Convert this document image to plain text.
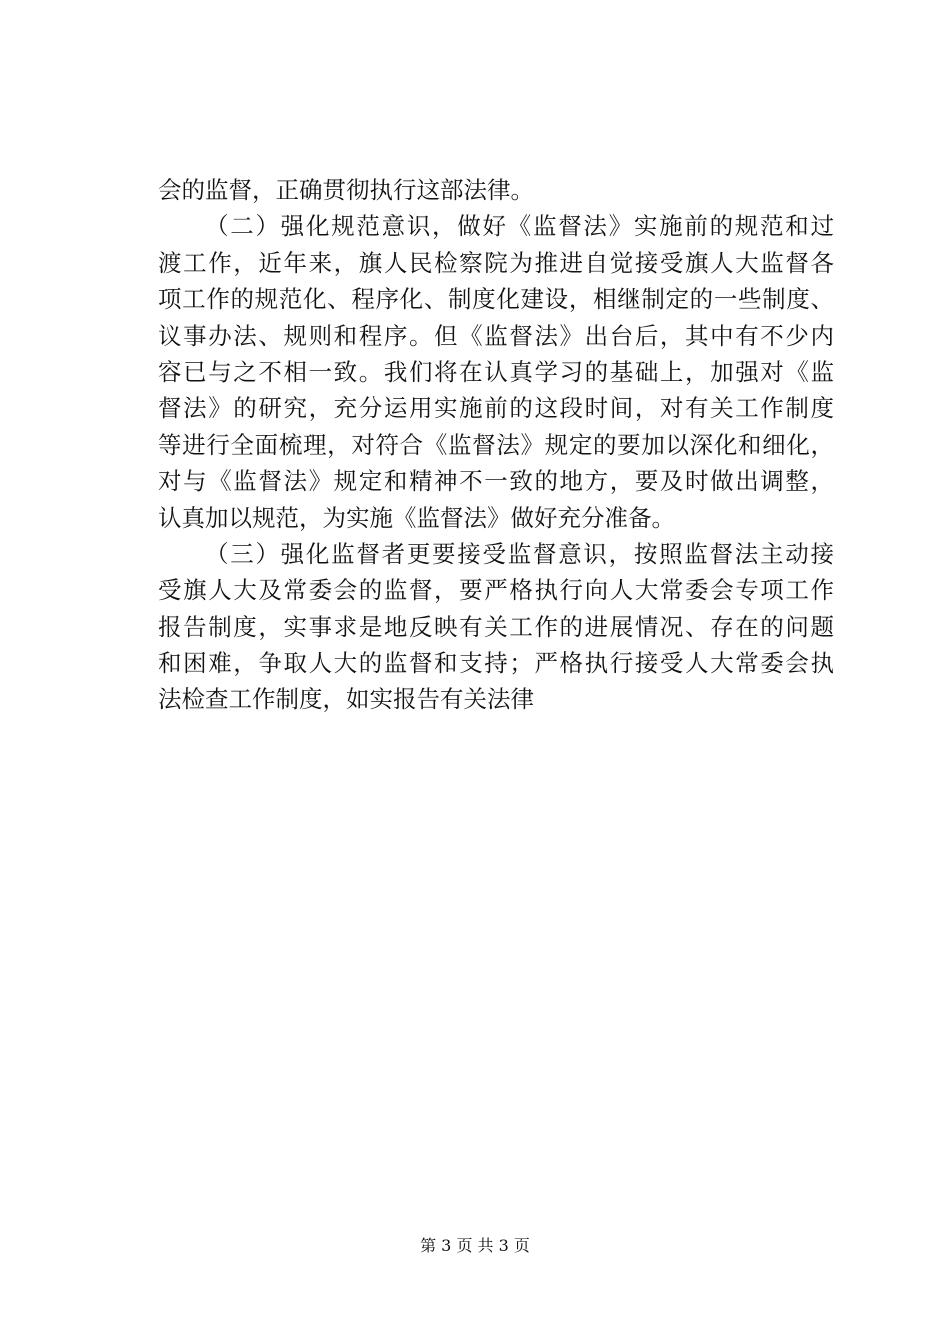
会的监督，正确贯彻执行这部法律。
（二）强化规范意识，做好《监督法》实施前的规范和过
渡工作，近年来，旗人民检察院为推进自觉接受旗人大监督各
项工作的规范化、程序化、制度化建设，相继制定的一些制度、
议事办法、规则和程序。但《监督法》出台后，其中有不少内
容已与之不相一致。我们将在认真学习的基础上，加强对《监
督法》的研究，充分运用实施前的这段时间，对有关工作制度
等进行全面梳理，对符合《监督法》规定的要加以深化和细化，
对与《监督法》规定和精神不一致的地方，要及时做出调整，
认真加以规范，为实施《监督法》做好充分准备。
（三）强化监督者更要接受监督意识，按照监督法主动接
受旗人大及常委会的监督，要严格执行向人大常委会专项工作
报告制度，实事求是地反映有关工作的进展情况、存在的问题
和困难，争取人大的监督和支持；严格执行接受人大常委会执
法检查工作制度，如实报告有关法律
第 3 页 共 3 页
